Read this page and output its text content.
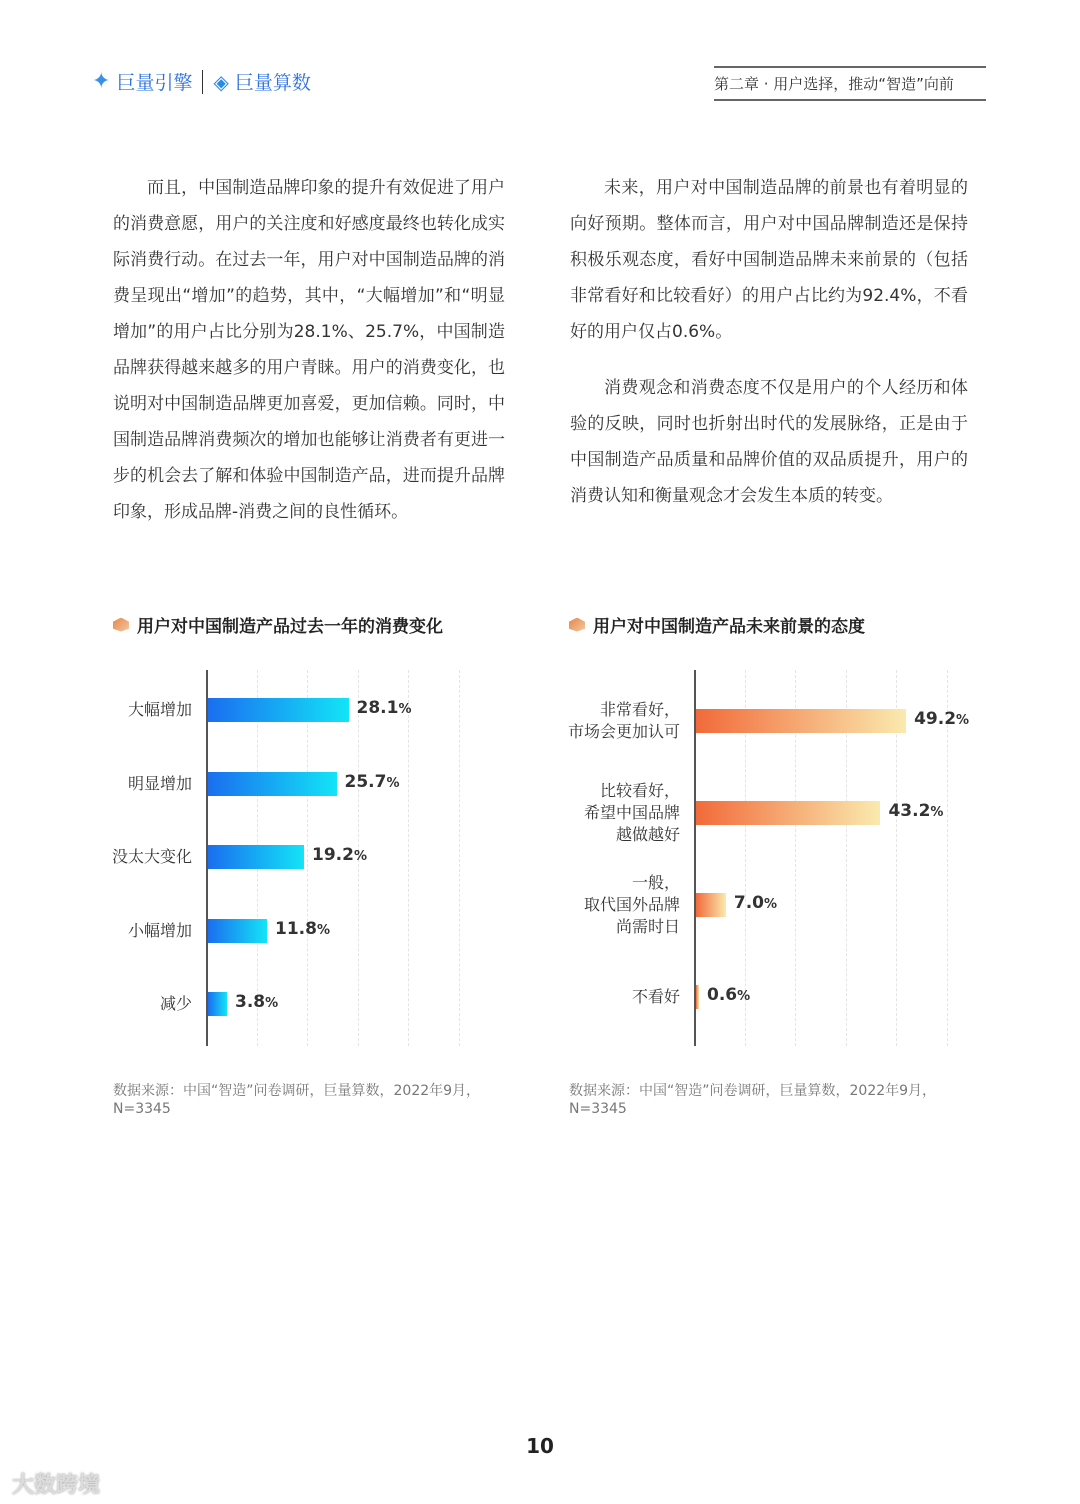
✦ 巨量引擎 ◈ 巨量算数	第二章 · 用户选择，推动“智造”向前
而且，中国制造品牌印象的提升有效促进了用户的消费意愿，用户的关注度和好感度最终也转化成实际消费行动。在过去一年，用户对中国制造品牌的消费呈现出“增加”的趋势，其中，“大幅增加”和“明显增加”的用户占比分别为28.1%、25.7%，中国制造品牌获得越来越多的用户青睐。用户的消费变化，也说明对中国制造品牌更加喜爱，更加信赖。同时，中国制造品牌消费频次的增加也能够让消费者有更进一步的机会去了解和体验中国制造产品，进而提升品牌印象，形成品牌-消费之间的良性循环。
未来，用户对中国制造品牌的前景也有着明显的向好预期。整体而言，用户对中国品牌制造还是保持积极乐观态度，看好中国制造品牌未来前景的（包括非常看好和比较看好）的用户占比约为92.4%，不看好的用户仅占0.6%。
消费观念和消费态度不仅是用户的个人经历和体验的反映，同时也折射出时代的发展脉络，正是由于中国制造产品质量和品牌价值的双品质提升，用户的消费认知和衡量观念才会发生本质的转变。
用户对中国制造产品过去一年的消费变化	用户对中国制造产品未来前景的态度
数据来源：中国“智造”问卷调研，巨量算数，2022年9月，N=3345
数据来源：中国“智造”问卷调研，巨量算数，2022年9月，N=3345
10
大数跨境
大幅增加	28.1%
明显增加	25.7%
没太大变化	19.2%
小幅增加	11.8%
减少	3.8%
非常看好，
市场会更加认可
49.2%
比较看好，
希望中国品牌
越做越好
43.2%
一般，
取代国外品牌
尚需时日
7.0%
不看好 0.6%
